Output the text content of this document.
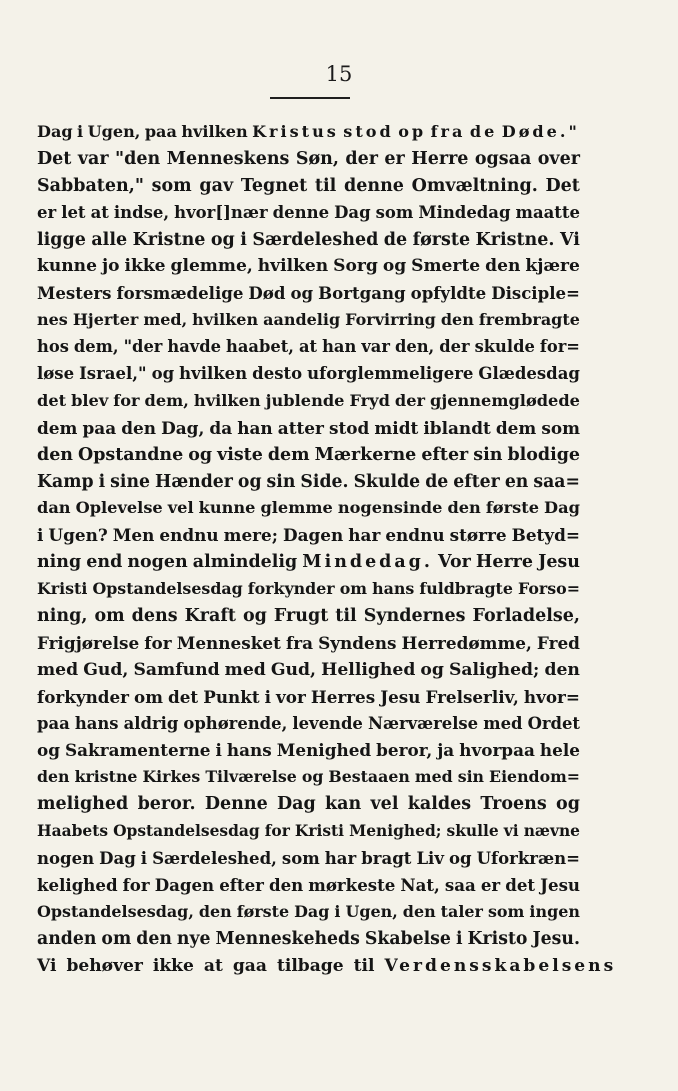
15
Dag i Ugen, paa hvilken Kristus stod op fra de Døde."
Det var "den Menneskens Søn, der er Herre ogsaa over
Sabbaten," som gav Tegnet til denne Omvæltning. Det
er let at indse, hvor[]nær denne Dag som Mindedag maatte
ligge alle Kristne og i Særdeleshed de første Kristne. Vi
kunne jo ikke glemme, hvilken Sorg og Smerte den kjære
Mesters forsmædelige Død og Bortgang opfyldte Disciple=
nes Hjerter med, hvilken aandelig Forvirring den frembragte
hos dem, "der havde haabet, at han var den, der skulde for=
løse Israel," og hvilken desto uforglemmeligere Glædesdag
det blev for dem, hvilken jublende Fryd der gjennemglødede
dem paa den Dag, da han atter stod midt iblandt dem som
den Opstandne og viste dem Mærkerne efter sin blodige
Kamp i sine Hænder og sin Side. Skulde de efter en saa=
dan Oplevelse vel kunne glemme nogensinde den første Dag
i Ugen? Men endnu mere; Dagen har endnu større Betyd=
ning end nogen almindelig Mindedag. Vor Herre Jesu
Kristi Opstandelsesdag forkynder om hans fuldbragte Forso=
ning, om dens Kraft og Frugt til Syndernes Forladelse,
Frigjørelse for Mennesket fra Syndens Herredømme, Fred
med Gud, Samfund med Gud, Hellighed og Salighed; den
forkynder om det Punkt i vor Herres Jesu Frelserliv, hvor=
paa hans aldrig ophørende, levende Nærværelse med Ordet
og Sakramenterne i hans Menighed beror, ja hvorpaa hele
den kristne Kirkes Tilværelse og Bestaaen med sin Eiendom=
melighed beror. Denne Dag kan vel kaldes Troens og
Haabets Opstandelsesdag for Kristi Menighed; skulle vi nævne
nogen Dag i Særdeleshed, som har bragt Liv og Uforkræn=
kelighed for Dagen efter den mørkeste Nat, saa er det Jesu
Opstandelsesdag, den første Dag i Ugen, den taler som ingen
anden om den nye Menneskeheds Skabelse i Kristo Jesu.
Vi behøver ikke at gaa tilbage til Verdensskabelsens
